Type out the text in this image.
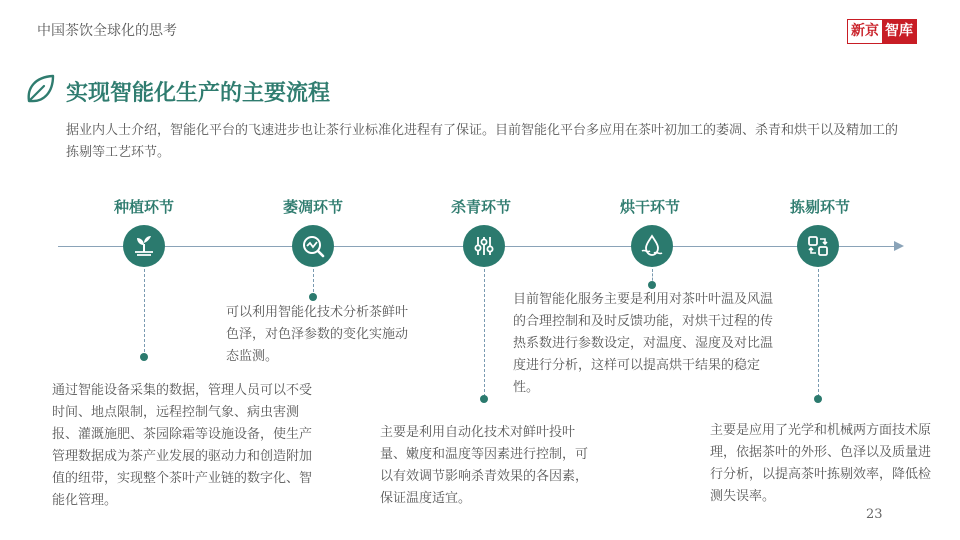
中国茶饮全球化的思考	新京 智库
实现智能化生产的主要流程
据业内人士介绍，智能化平台的飞速进步也让茶行业标准化进程有了保证。目前智能化平台多应用在茶叶初加工的萎凋、杀青和烘干以及精加工的拣剔等工艺环节。
种植环节
通过智能设备采集的数据，管理人员可以不受时间、地点限制，远程控制气象、病虫害测报、灌溉施肥、茶园除霜等设施设备，使生产管理数据成为茶产业发展的驱动力和创造附加值的纽带，实现整个茶叶产业链的数字化、智能化管理。
萎凋环节
可以利用智能化技术分析茶鲜叶色泽，对色泽参数的变化实施动态监测。
杀青环节
主要是利用自动化技术对鲜叶投叶量、嫩度和温度等因素进行控制，可以有效调节影响杀青效果的各因素，保证温度适宜。
烘干环节
目前智能化服务主要是利用对茶叶叶温及风温的合理控制和及时反馈功能，对烘干过程的传热系数进行参数设定，对温度、湿度及对比温度进行分析，这样可以提高烘干结果的稳定性。
拣剔环节
主要是应用了光学和机械两方面技术原理，依据茶叶的外形、色泽以及质量进行分析，以提高茶叶拣剔效率，降低检测失误率。
23
